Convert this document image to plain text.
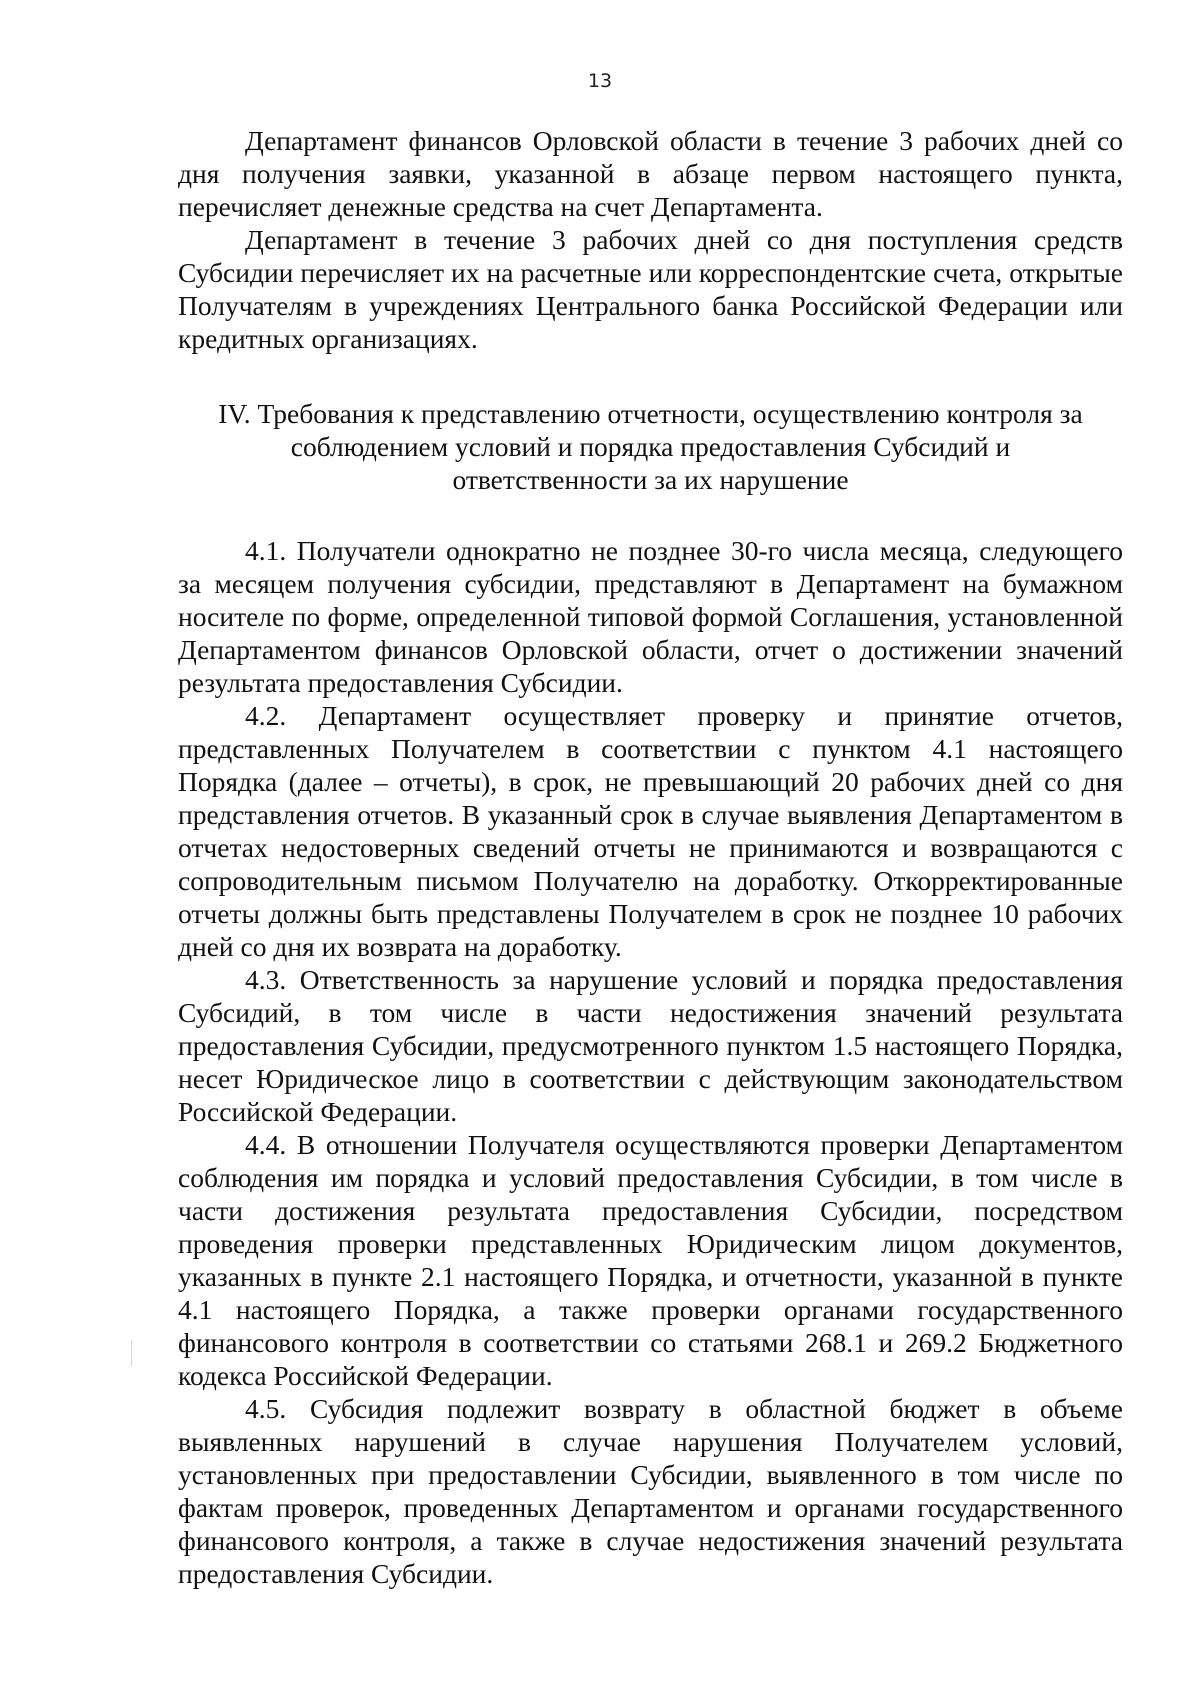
13

Департамент финансов Орловской области в течение 3 рабочих дней со дня получения заявки, указанной в абзаце первом настоящего пункта, перечисляет денежные средства на счет Департамента.

Департамент в течение 3 рабочих дней со дня поступления средств Субсидии перечисляет их на расчетные или корреспондентские счета, открытые Получателям в учреждениях Центрального банка Российской Федерации или кредитных организациях.

IV. Требования к представлению отчетности, осуществлению контроля за
соблюдением условий и порядка предоставления Субсидий и
ответственности за их нарушение

4.1. Получатели однократно не позднее 30-го числа месяца, следующего за месяцем получения субсидии, представляют в Департамент на бумажном носителе по форме, определенной типовой формой Соглашения, установленной Департаментом финансов Орловской области, отчет о достижении значений результата предоставления Субсидии.

4.2. Департамент осуществляет проверку и принятие отчетов, представленных Получателем в соответствии с пунктом 4.1 настоящего Порядка (далее – отчеты), в срок, не превышающий 20 рабочих дней со дня представления отчетов. В указанный срок в случае выявления Департаментом в отчетах недостоверных сведений отчеты не принимаются и возвращаются с сопроводительным письмом Получателю на доработку. Откорректированные отчеты должны быть представлены Получателем в срок не позднее 10 рабочих дней со дня их возврата на доработку.

4.3. Ответственность за нарушение условий и порядка предоставления Субсидий, в том числе в части недостижения значений результата предоставления Субсидии, предусмотренного пунктом 1.5 настоящего Порядка, несет Юридическое лицо в соответствии с действующим законодательством Российской Федерации.

4.4. В отношении Получателя осуществляются проверки Департаментом соблюдения им порядка и условий предоставления Субсидии, в том числе в части достижения результата предоставления Субсидии, посредством проведения проверки представленных Юридическим лицом документов, указанных в пункте 2.1 настоящего Порядка, и отчетности, указанной в пункте 4.1 настоящего Порядка, а также проверки органами государственного финансового контроля в соответствии со статьями 268.1 и 269.2 Бюджетного кодекса Российской Федерации.

4.5. Субсидия подлежит возврату в областной бюджет в объеме выявленных нарушений в случае нарушения Получателем условий, установленных при предоставлении Субсидии, выявленного в том числе по фактам проверок, проведенных Департаментом и органами государственного финансового контроля, а также в случае недостижения значений результата предоставления Субсидии.
